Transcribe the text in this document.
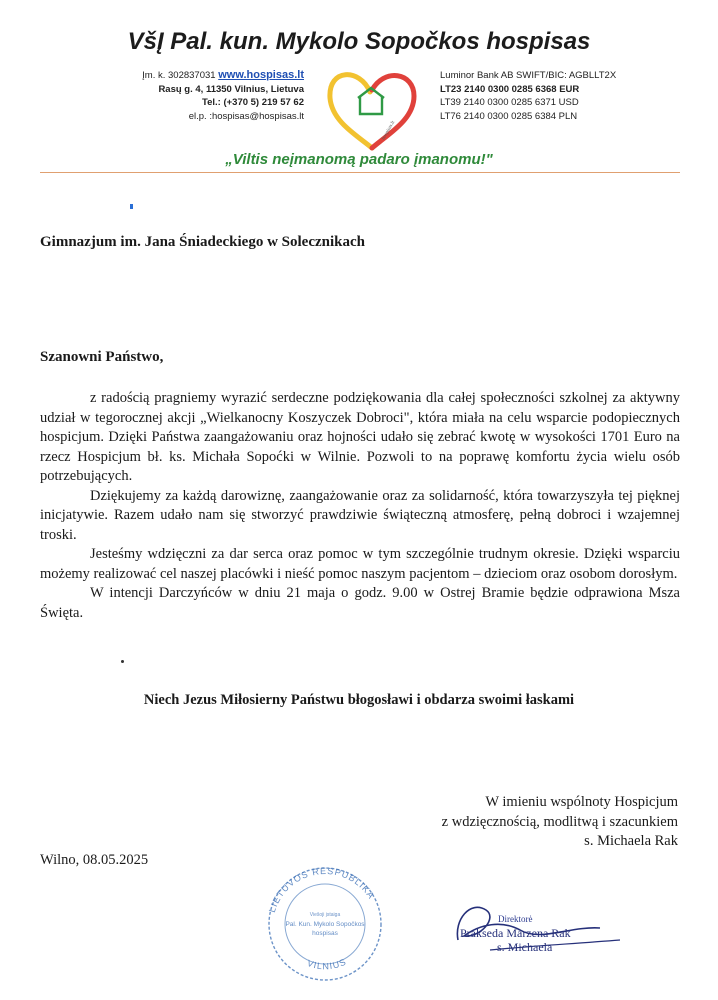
VšĮ Pal. kun. Mykolo Sopočkos hospisas
Įm. k. 302837031 www.hospisas.lt
Rasų g. 4, 11350 Vilnius, Lietuva
Tel.: (+370 5) 219 57 62
el.p. :hospisas@hospisas.lt
hospisas.lt
Luminor Bank AB SWIFT/BIC: AGBLLT2X
LT23 2140 0300 0285 6368 EUR
LT39 2140 0300 0285 6371 USD
LT76 2140 0300 0285 6384 PLN
„Viltis neįmanomą padaro įmanomu!"
Gimnazjum im. Jana Śniadeckiego w Solecznikach
Szanowni Państwo,

z radością pragniemy wyrazić serdeczne podziękowania dla całej społeczności szkolnej za aktywny udział w tegorocznej akcji „Wielkanocny Koszyczek Dobroci", która miała na celu wsparcie podopiecznych hospicjum. Dzięki Państwa zaangażowaniu oraz hojności udało się zebrać kwotę w wysokości 1701 Euro na rzecz Hospicjum bł. ks. Michała Sopoćki w Wilnie. Pozwoli to na poprawę komfortu życia wielu osób potrzebujących.

Dziękujemy za każdą darowiznę, zaangażowanie oraz za solidarność, która towarzyszyła tej pięknej inicjatywie. Razem udało nam się stworzyć prawdziwie świąteczną atmosferę, pełną dobroci i wzajemnej troski.

Jesteśmy wdzięczni za dar serca oraz pomoc w tym szczególnie trudnym okresie. Dzięki wsparciu możemy realizować cel naszej placówki i nieść pomoc naszym pacjentom – dzieciom oraz osobom dorosłym.

W intencji Darczyńców w dniu 21 maja o godz. 9.00 w Ostrej Bramie będzie odprawiona Msza Święta.

Niech Jezus Miłosierny Państwu błogosławi i obdarza swoimi łaskami
W imieniu wspólnoty Hospicjum
z wdzięcznością, modlitwą i szacunkiem
s. Michaela Rak
Wilno, 08.05.2025
LIETUVOS RESPUBLIKA
Viešoji įstaiga
Pal. Kun. Mykolo Sopočkos
hospisas
VILNIUS
Direktorė
Prakseda Marzena Rak
s. Michaela
